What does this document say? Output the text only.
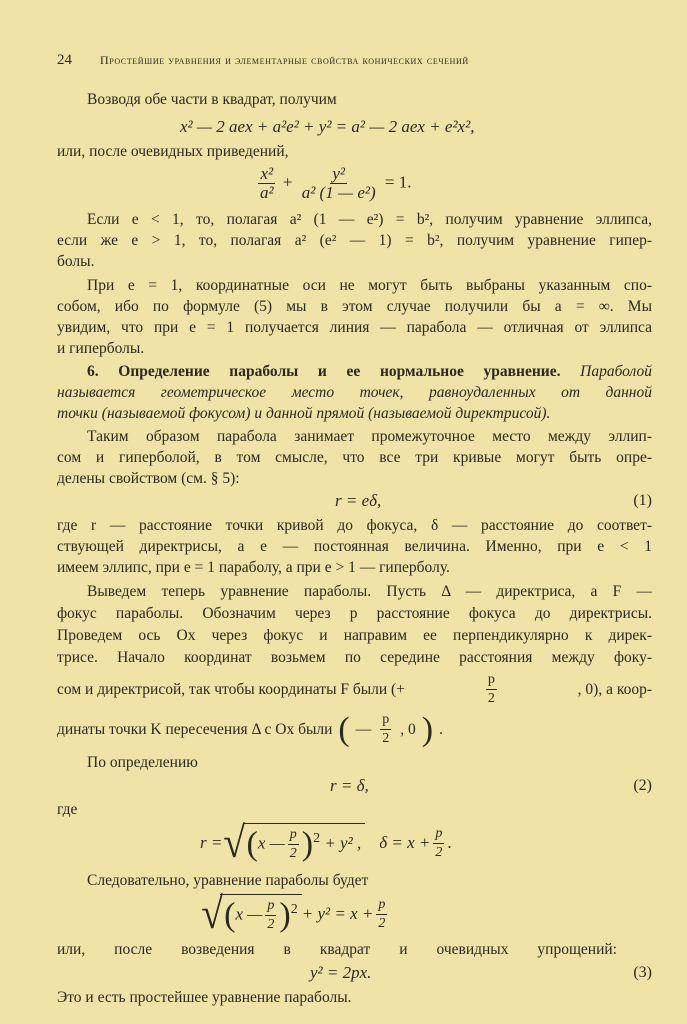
24 Простейшие уравнения и элементарные свойства конических сечений
Возводя обе части в квадрат, получим
x² — 2 aex + a²e² + y² = a² — 2 aex + e²x²,
или, после очевидных приведений,
$\frac{\text{x²}}{\text{a²}} + \frac{\text{y²}}{\text{a² (1 — e²)}} = 1$.
Если e < 1, то, полагая a² (1 — e²) = b², получим уравнение эллипса,
если же e > 1, то, полагая a² (e² — 1) = b², получим уравнение гипер-
болы.
При e = 1, координатные оси не могут быть выбраны указанным спо-
собом, ибо по формуле (5) мы в этом случае получили бы a = ∞. Мы
увидим, что при e = 1 получается линия — парабола — отличная от эллипса
и гиперболы.
6. Определение параболы и ее нормальное уравнение. Параболой
называется геометрическое место точек, равноудаленных от данной
точки (называемой фокусом) и данной прямой (называемой директрисой).
Таким образом парабола занимает промежуточное место между эллип-
сом и гиперболой, в том смысле, что все три кривые могут быть опре-
делены свойством (см. § 5):
r = eδ,	(1)
где r — расстояние точки кривой до фокуса, δ — расстояние до соответ-
ствующей директрисы, а e — постоянная величина. Именно, при e < 1
имеем эллипс, при e = 1 параболу, а при e > 1 — гиперболу.
Выведем теперь уравнение параболы. Пусть Δ — директриса, а F —
фокус параболы. Обозначим через p расстояние фокуса до директрисы.
Проведем ось Ox через фокус и направим ее перпендикулярно к дирек-
трисе. Начало координат возьмем по середине расстояния между фоку-
сом и директрисой, так чтобы координаты F были (+	$\frac{p}{2}$	, 0), а коор-
динаты точки K пересечения Δ с Ox были ( — $\frac{p}{2}$ , 0 ) .
По определению
r = δ,	(2)
где
r = √ (x — $\frac{p}{2} )^2 + y^2$ , $\delta = x + \frac{p}{2}$ .
Следовательно, уравнение параболы будет
√ (x — $\frac{p}{2} )^2 + y^2 = x + \frac{p}{2}$
или, после возведения в квадрат и очевидных упрощений:
y² = 2px.	(3)
Это и есть простейшее уравнение параболы.
